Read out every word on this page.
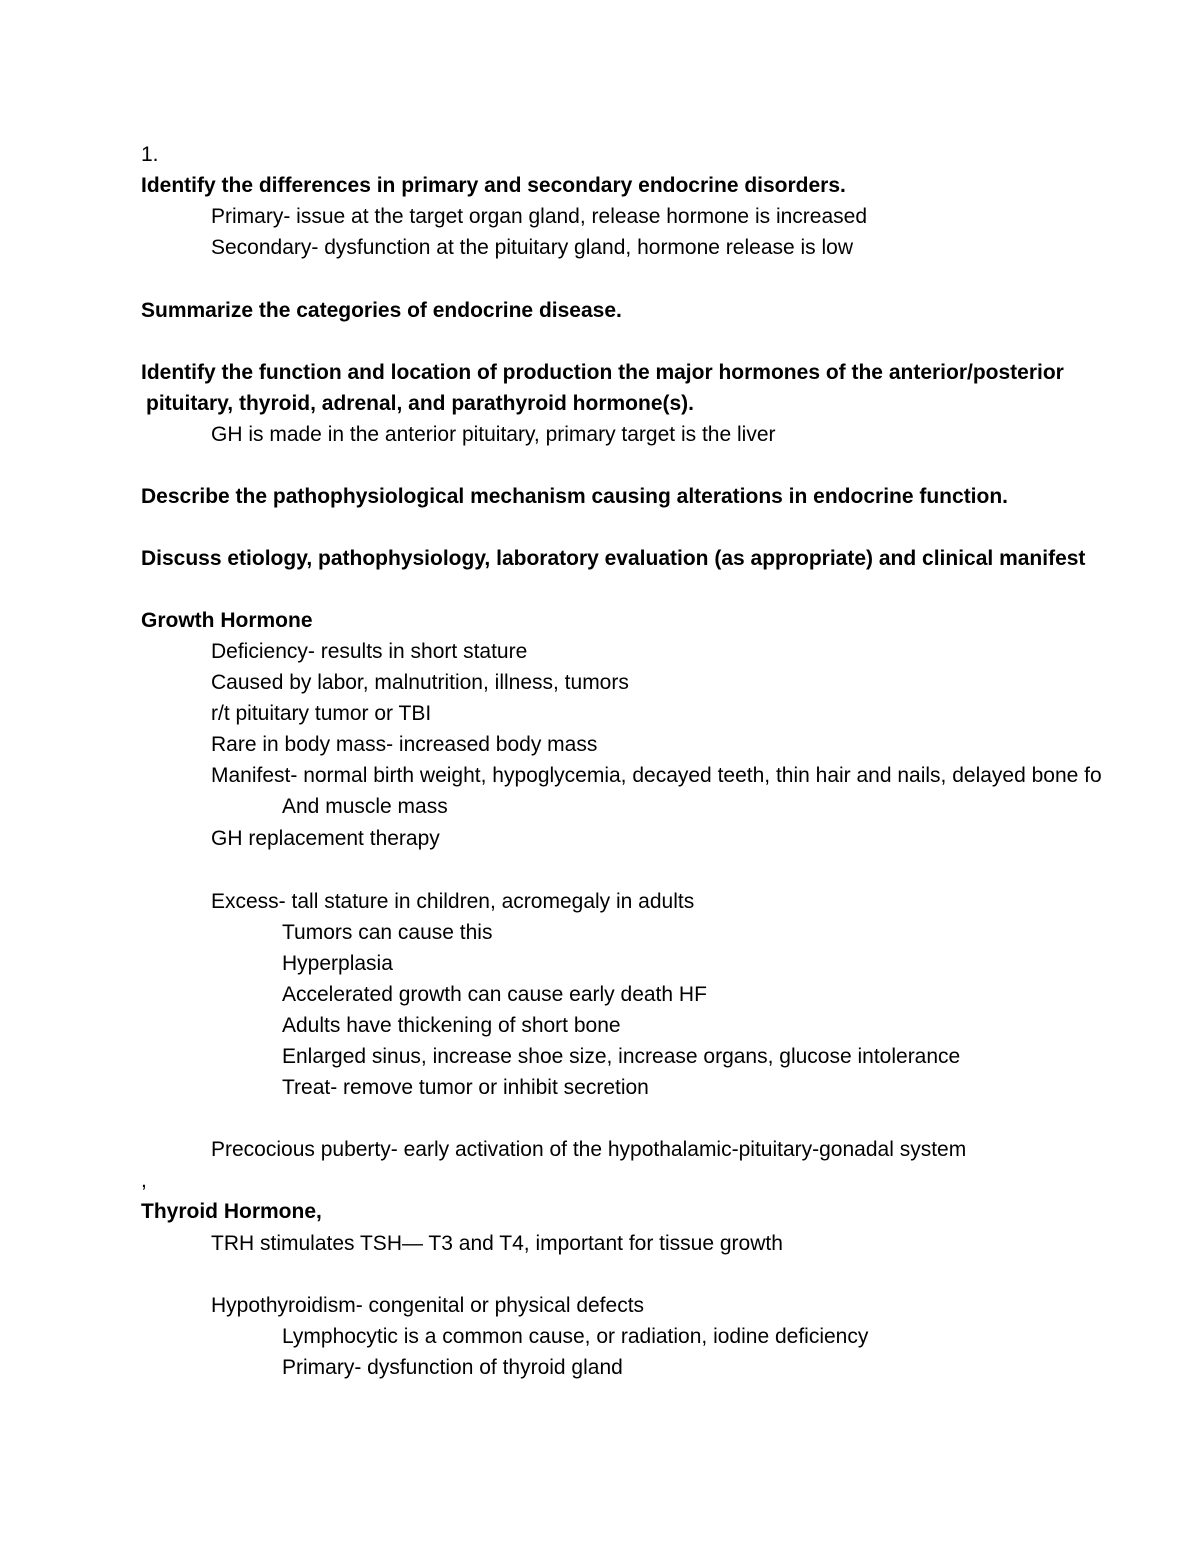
1.
Identify the differences in primary and secondary endocrine disorders.
Primary- issue at the target organ gland, release hormone is increased
Secondary- dysfunction at the pituitary gland, hormone release is low
Summarize the categories of endocrine disease.
Identify the function and location of production the major hormones of the anterior/posterior
pituitary, thyroid, adrenal, and parathyroid hormone(s).
GH is made in the anterior pituitary, primary target is the liver
Describe the pathophysiological mechanism causing alterations in endocrine function.
Discuss etiology, pathophysiology, laboratory evaluation (as appropriate) and clinical manifest
Growth Hormone
Deficiency- results in short stature
Caused by labor, malnutrition, illness, tumors
r/t pituitary tumor or TBI
Rare in body mass- increased body mass
Manifest- normal birth weight, hypoglycemia, decayed teeth, thin hair and nails, delayed bone fo
And muscle mass
GH replacement therapy
Excess- tall stature in children, acromegaly in adults
Tumors can cause this
Hyperplasia
Accelerated growth can cause early death HF
Adults have thickening of short bone
Enlarged sinus, increase shoe size, increase organs, glucose intolerance
Treat- remove tumor or inhibit secretion
Precocious puberty- early activation of the hypothalamic-pituitary-gonadal system
,
Thyroid Hormone,
TRH stimulates TSH— T3 and T4, important for tissue growth
Hypothyroidism- congenital or physical defects
Lymphocytic is a common cause, or radiation, iodine deficiency
Primary- dysfunction of thyroid gland
